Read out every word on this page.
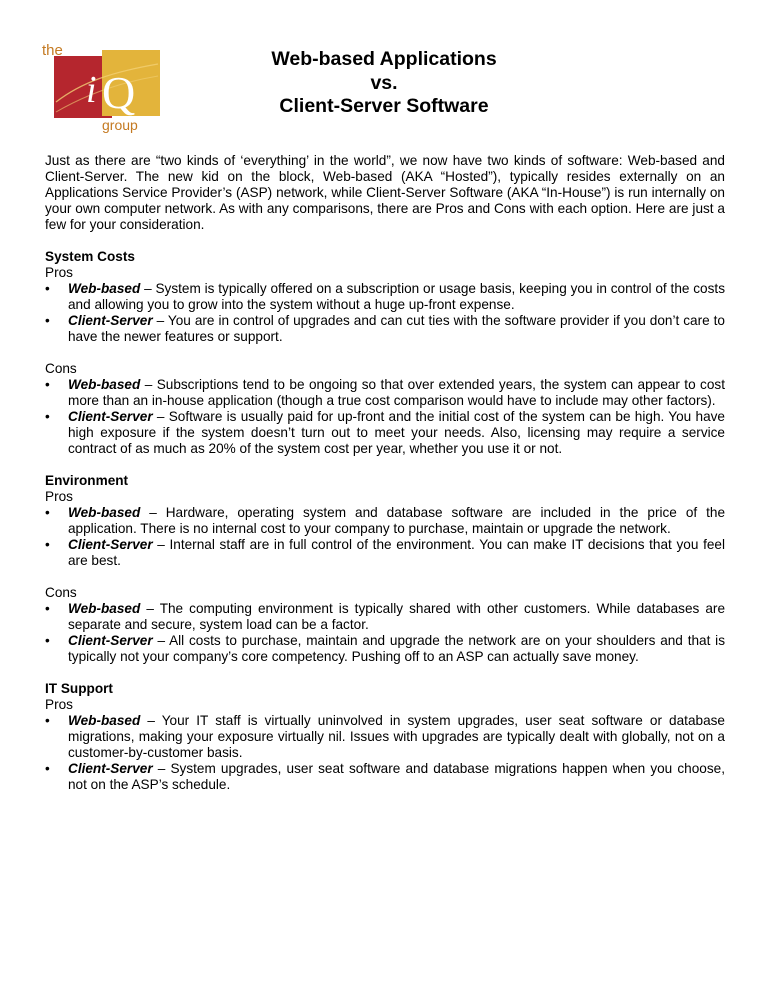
the
i Q
group
Web-based Applications
vs.
Client-Server Software

Just as there are “two kinds of ‘everything’ in the world”, we now have two kinds of software: Web-based and Client-Server. The new kid on the block, Web-based (AKA “Hosted”), typically resides externally on an Applications Service Provider’s (ASP) network, while Client-Server Software (AKA “In-House”) is run internally on your own computer network. As with any comparisons, there are Pros and Cons with each option. Here are just a few for your consideration.

System Costs
Pros
• Web-based – System is typically offered on a subscription or usage basis, keeping you in control of the costs and allowing you to grow into the system without a huge up-front expense.
• Client-Server – You are in control of upgrades and can cut ties with the software provider if you don’t care to have the newer features or support.
Cons
• Web-based – Subscriptions tend to be ongoing so that over extended years, the system can appear to cost more than an in-house application (though a true cost comparison would have to include may other factors).
• Client-Server – Software is usually paid for up-front and the initial cost of the system can be high. You have high exposure if the system doesn’t turn out to meet your needs. Also, licensing may require a service contract of as much as 20% of the system cost per year, whether you use it or not.
Environment
Pros
• Web-based – Hardware, operating system and database software are included in the price of the application. There is no internal cost to your company to purchase, maintain or upgrade the network.
• Client-Server – Internal staff are in full control of the environment. You can make IT decisions that you feel are best.
Cons
• Web-based – The computing environment is typically shared with other customers. While databases are separate and secure, system load can be a factor.
• Client-Server – All costs to purchase, maintain and upgrade the network are on your shoulders and that is typically not your company’s core competency. Pushing off to an ASP can actually save money.
IT Support
Pros
• Web-based – Your IT staff is virtually uninvolved in system upgrades, user seat software or database migrations, making your exposure virtually nil. Issues with upgrades are typically dealt with globally, not on a customer-by-customer basis.
• Client-Server – System upgrades, user seat software and database migrations happen when you choose, not on the ASP’s schedule.
